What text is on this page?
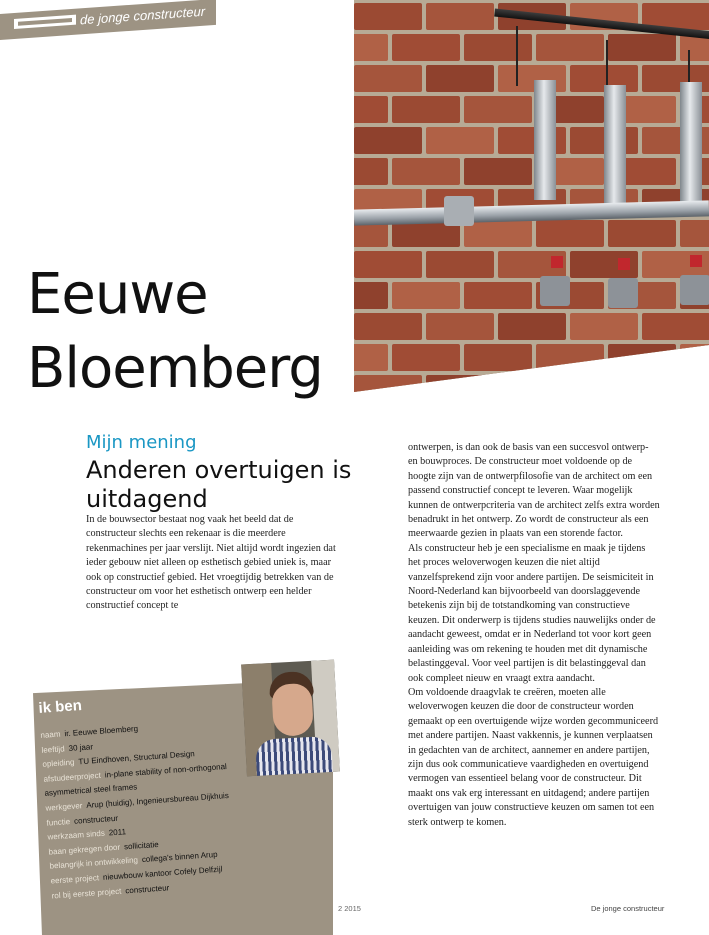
de jonge constructeur
Eeuwe
Bloemberg
Mijn mening
Anderen overtuigen is uitdagend

In de bouwsector bestaat nog vaak het beeld dat de constructeur slechts een rekenaar is die meerdere rekenmachines per jaar verslijt. Niet altijd wordt ingezien dat ieder gebouw niet alleen op esthetisch gebied uniek is, maar ook op constructief gebied. Het vroegtijdig betrekken van de constructeur om voor het esthetisch ontwerp een helder constructief concept te

ontwerpen, is dan ook de basis van een succesvol ontwerp- en bouwproces. De constructeur moet voldoende op de hoogte zijn van de ontwerpfilosofie van de architect om een passend constructief concept te leveren. Waar mogelijk kunnen de ontwerpcriteria van de architect zelfs extra worden benadrukt in het ontwerp. Zo wordt de constructeur als een meerwaarde gezien in plaats van een storende factor.

Als constructeur heb je een specialisme en maak je tijdens het proces weloverwogen keuzen die niet altijd vanzelfsprekend zijn voor andere partijen. De seismiciteit in Noord-Nederland kan bijvoorbeeld van doorslaggevende betekenis zijn bij de totstandkoming van constructieve keuzen. Dit onderwerp is tijdens studies nauwelijks onder de aandacht geweest, omdat er in Nederland tot voor kort geen aanleiding was om rekening te houden met dit dynamische belastinggeval. Voor veel partijen is dit belastinggeval dan ook compleet nieuw en vraagt extra aandacht.

Om voldoende draagvlak te creëren, moeten alle weloverwogen keuzen die door de constructeur worden gemaakt op een overtuigende wijze worden gecommuniceerd met andere partijen. Naast vakkennis, je kunnen verplaatsen in gedachten van de architect, aannemer en andere partijen, zijn dus ook communicatieve vaardigheden en overtuigend vermogen van essentieel belang voor de constructeur. Dit maakt ons vak erg interessant en uitdagend; andere partijen overtuigen van jouw constructieve keuzen om samen tot een sterk ontwerp te komen.

ik ben
naam ir. Eeuwe Bloemberg
leeftijd 30 jaar
opleiding TU Eindhoven, Structural Design
afstudeerproject in-plane stability of non-orthogonal
asymmetrical steel frames
werkgever Arup (huidig), Ingenieursbureau Dijkhuis
functie constructeur
werkzaam sinds 2011
baan gekregen door sollicitatie
belangrijk in ontwikkeling collega's binnen Arup
eerste project nieuwbouw kantoor Cofely Delfzijl
rol bij eerste project constructeur
2 2015	De jonge constructeur
